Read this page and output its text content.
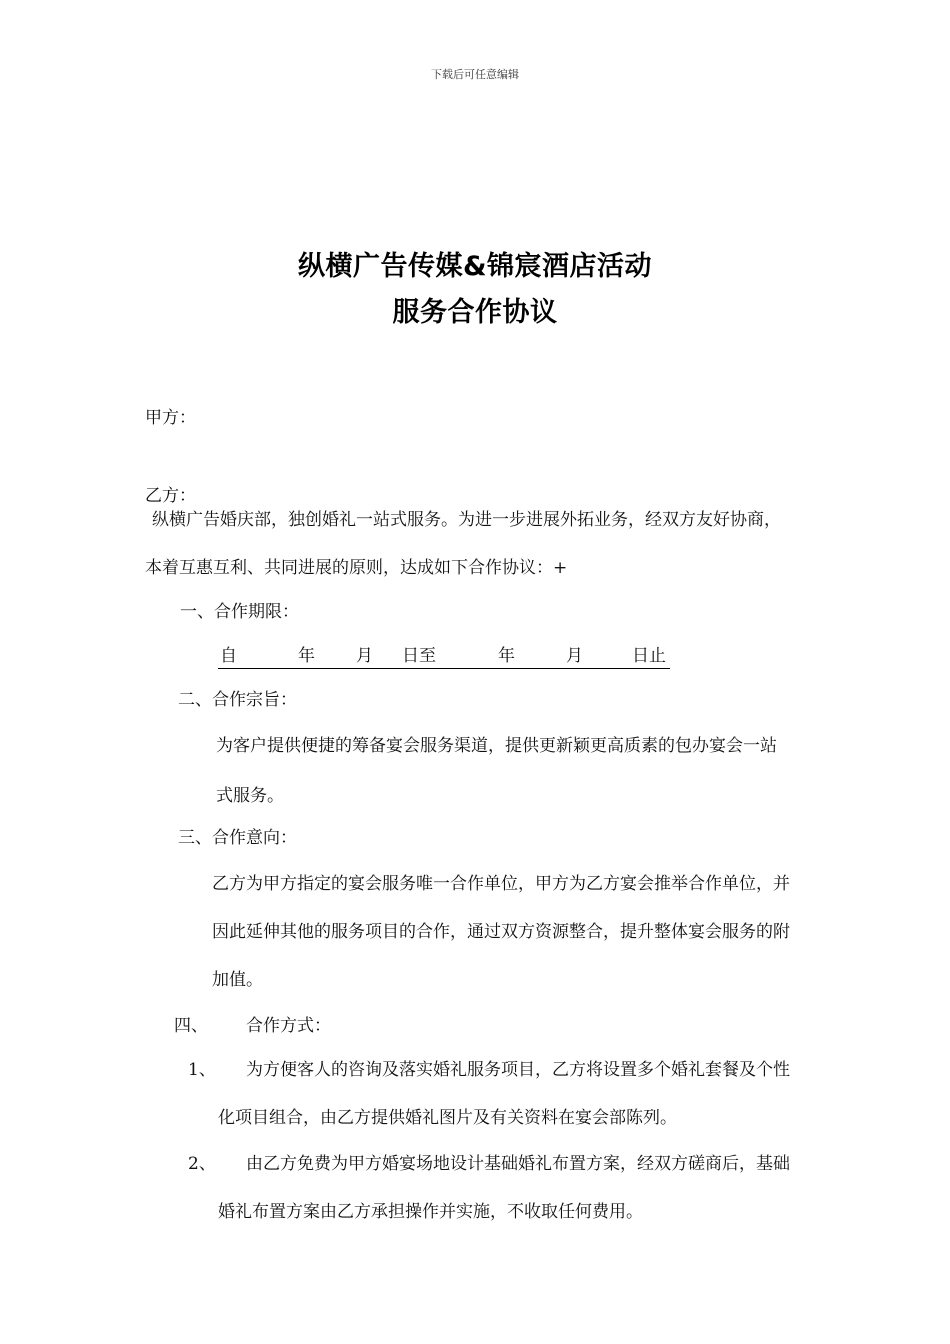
下载后可任意编辑
纵横广告传媒&锦宸酒店活动
服务合作协议
甲方：
乙方：
纵横广告婚庆部，独创婚礼一站式服务。为进一步进展外拓业务，经双方友好协商，
本着互惠互利、共同进展的原则，达成如下合作协议：+
一、合作期限：
自	年 月 日至	年	月	日止
二、合作宗旨：
为客户提供便捷的筹备宴会服务渠道，提供更新颖更高质素的包办宴会一站
式服务。
三、合作意向：
乙方为甲方指定的宴会服务唯一合作单位，甲方为乙方宴会推举合作单位，并
因此延伸其他的服务项目的合作，通过双方资源整合，提升整体宴会服务的附
加值。
四、 合作方式：
1、 为方便客人的咨询及落实婚礼服务项目，乙方将设置多个婚礼套餐及个性
化项目组合，由乙方提供婚礼图片及有关资料在宴会部陈列。
2、 由乙方免费为甲方婚宴场地设计基础婚礼布置方案，经双方磋商后，基础
婚礼布置方案由乙方承担操作并实施，不收取任何费用。
